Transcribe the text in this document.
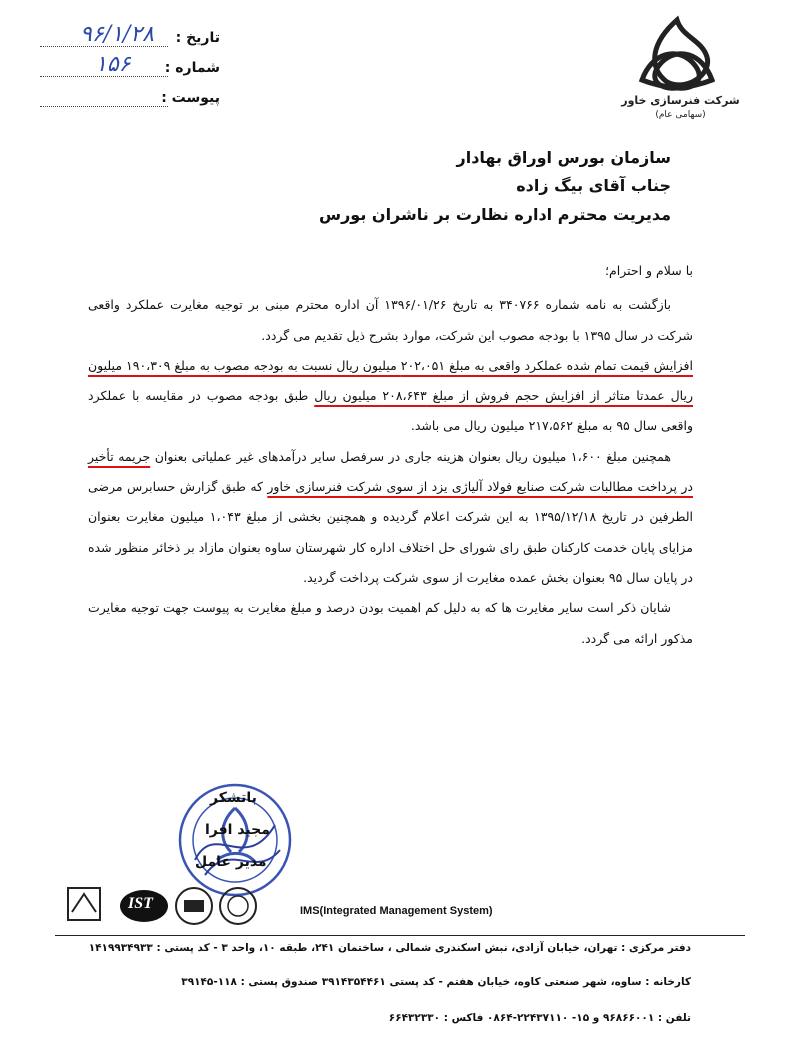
تاریخ :
۹۶/۱/۲۸
شماره :
۱۵۶
پیوست :	شرکت فنرسازی خاور
(سهامی عام)
سازمان بورس اوراق بهادار
جناب آقای بیگ زاده
مدیریت محترم اداره نظارت بر ناشران بورس

با سلام و احترام؛

بازگشت به نامه شماره ۳۴۰۷۶۶ به تاریخ ۱۳۹۶/۰۱/۲۶ آن اداره محترم مبنی بر توجیه مغایرت عملکرد واقعی شرکت در سال ۱۳۹۵ با بودجه مصوب این شرکت، موارد بشرح ذیل تقدیم می گردد.

افزایش قیمت تمام شده عملکرد واقعی به مبلغ ۲۰۲،۰۵۱ میلیون ریال نسبت به بودجه مصوب به مبلغ ۱۹۰،۳۰۹ میلیون ریال عمدتا متاثر از افزایش حجم فروش از مبلغ ۲۰۸،۶۴۳ میلیون ریال طبق بودجه مصوب در مقایسه با عملکرد واقعی سال ۹۵ به مبلغ ۲۱۷،۵۶۲ میلیون ریال می باشد.

همچنین مبلغ ۱،۶۰۰ میلیون ریال بعنوان هزینه جاری در سرفصل سایر درآمدهای غیر عملیاتی بعنوان جریمه تأخیر در پرداخت مطالبات شرکت صنایع فولاد آلیاژی یزد از سوی شرکت فنرسازی خاور که طبق گزارش حسابرس مرضی الطرفین در تاریخ ۱۳۹۵/۱۲/۱۸ به این شرکت اعلام گردیده و همچنین بخشی از مبلغ ۱،۰۴۳ میلیون مغایرت بعنوان مزایای پایان خدمت کارکنان طبق رای شورای حل اختلاف اداره کار شهرستان ساوه بعنوان مازاد بر ذخائر منظور شده در پایان سال ۹۵ بعنوان بخش عمده مغایرت از سوی شرکت پرداخت گردید.

شایان ذکر است سایر مغایرت ها که به دلیل کم اهمیت بودن درصد و مبلغ مغایرت به پیوست جهت توجیه مغایرت مذکور ارائه می گردد.

باتشکر
مجید افرا
مدیر عامل
IST	IMS(Integrated Management System)
دفتر مرکزی : تهران، خیابان آزادی، نبش اسکندری شمالی ، ساختمان ۲۴۱، طبقه ۱۰، واحد ۳ - کد پستی : ۱۴۱۹۹۳۴۹۳۳
کارخانه : ساوه، شهر صنعتی کاوه، خیابان هفتم - کد پستی ۳۹۱۴۳۵۴۴۶۱ صندوق پستی : ۱۱۸-۳۹۱۴۵
تلفن : ۹۶۸۶۶۰۰۱ و ۱۵- ۲۲۴۳۷۱۱۰-۰۸۶۴ فاکس : ۶۶۴۳۲۳۳۰
